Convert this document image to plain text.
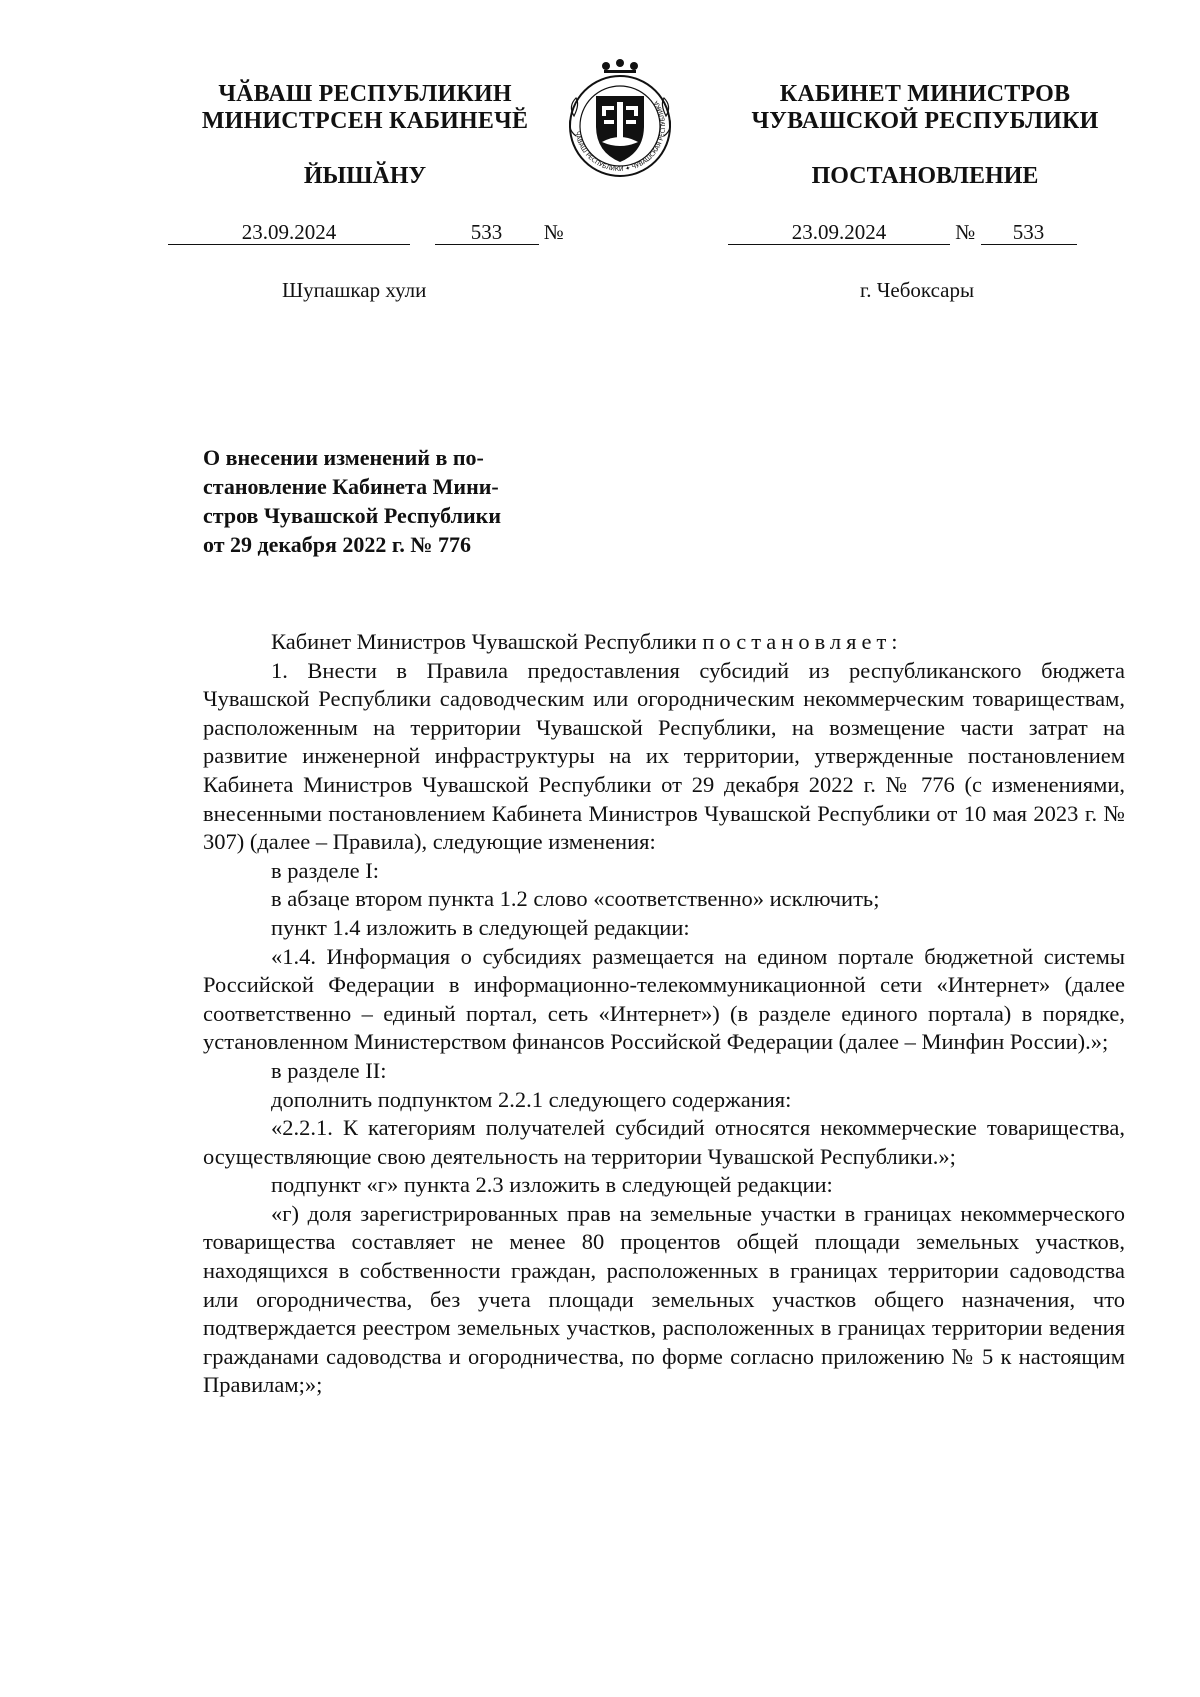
ЧӐВАШ РЕСПУБЛИКИН
МИНИСТРСЕН КАБИНЕЧӖ
ЙЫШӐНУ
ЧӐВАШ РЕСПУБЛИКИ ✦ ЧУВАШСКАЯ РЕСПУБЛИКА	КАБИНЕТ МИНИСТРОВ
ЧУВАШСКОЙ РЕСПУБЛИКИ
ПОСТАНОВЛЕНИЕ
23.09.2024	533 №	23.09.2024	№ 533
Шупашкар хули	г. Чебоксары
О внесении изменений в по-
становление Кабинета Мини-
стров Чувашской Республики
от 29 декабря 2022 г. № 776

Кабинет Министров Чувашской Республики постановляет:

1. Внести в Правила предоставления субсидий из республиканского бюджета Чувашской Республики садоводческим или огородническим некоммерческим товариществам, расположенным на территории Чувашской Республики, на возмещение части затрат на развитие инженерной инфраструктуры на их территории, утвержденные постановлением Кабинета Министров Чувашской Республики от 29 декабря 2022 г. № 776 (с изменениями, внесенными постановлением Кабинета Министров Чувашской Республики от 10 мая 2023 г. № 307) (далее – Правила), следующие изменения:

в разделе I:

в абзаце втором пункта 1.2 слово «соответственно» исключить;

пункт 1.4 изложить в следующей редакции:

«1.4. Информация о субсидиях размещается на едином портале бюджетной системы Российской Федерации в информационно-телекоммуникационной сети «Интернет» (далее соответственно – единый портал, сеть «Интернет») (в разделе единого портала) в порядке, установленном Министерством финансов Российской Федерации (далее – Минфин России).»;

в разделе II:

дополнить подпунктом 2.2.1 следующего содержания:

«2.2.1. К категориям получателей субсидий относятся некоммерческие товарищества, осуществляющие свою деятельность на территории Чувашской Республики.»;

подпункт «г» пункта 2.3 изложить в следующей редакции:

«г) доля зарегистрированных прав на земельные участки в границах некоммерческого товарищества составляет не менее 80 процентов общей площади земельных участков, находящихся в собственности граждан, расположенных в границах территории садоводства или огородничества, без учета площади земельных участков общего назначения, что подтверждается реестром земельных участков, расположенных в границах территории ведения гражданами садоводства и огородничества, по форме согласно приложению № 5 к настоящим Правилам;»;
